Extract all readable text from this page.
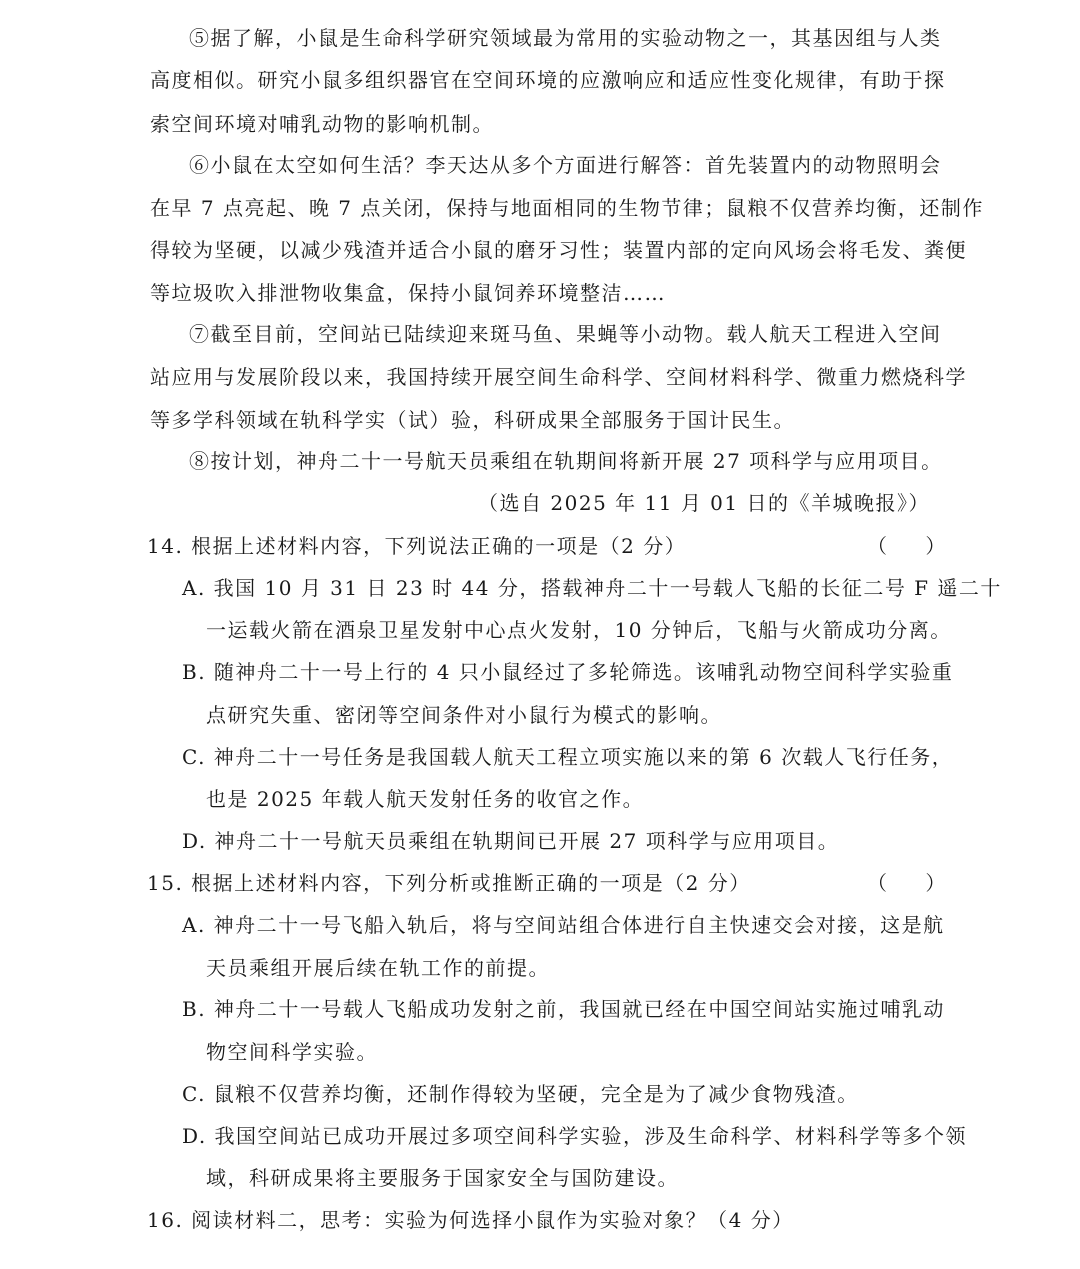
⑤据了解，小鼠是生命科学研究领域最为常用的实验动物之一，其基因组与人类
高度相似。研究小鼠多组织器官在空间环境的应激响应和适应性变化规律，有助于探
索空间环境对哺乳动物的影响机制。
⑥小鼠在太空如何生活？李天达从多个方面进行解答：首先装置内的动物照明会
在早 7 点亮起、晚 7 点关闭，保持与地面相同的生物节律；鼠粮不仅营养均衡，还制作
得较为坚硬，以减少残渣并适合小鼠的磨牙习性；装置内部的定向风场会将毛发、粪便
等垃圾吹入排泄物收集盒，保持小鼠饲养环境整洁……
⑦截至目前，空间站已陆续迎来斑马鱼、果蝇等小动物。载人航天工程进入空间
站应用与发展阶段以来，我国持续开展空间生命科学、空间材料科学、微重力燃烧科学
等多学科领域在轨科学实（试）验，科研成果全部服务于国计民生。
⑧按计划，神舟二十一号航天员乘组在轨期间将新开展 27 项科学与应用项目。
（选自 2025 年 11 月 01 日的《羊城晚报》）
14. 根据上述材料内容，下列说法正确的一项是（2 分）	（ ）
A. 我国 10 月 31 日 23 时 44 分，搭载神舟二十一号载人飞船的长征二号 F 遥二十
一运载火箭在酒泉卫星发射中心点火发射，10 分钟后，飞船与火箭成功分离。
B. 随神舟二十一号上行的 4 只小鼠经过了多轮筛选。该哺乳动物空间科学实验重
点研究失重、密闭等空间条件对小鼠行为模式的影响。
C. 神舟二十一号任务是我国载人航天工程立项实施以来的第 6 次载人飞行任务，
也是 2025 年载人航天发射任务的收官之作。
D. 神舟二十一号航天员乘组在轨期间已开展 27 项科学与应用项目。
15. 根据上述材料内容，下列分析或推断正确的一项是（2 分）	（ ）
A. 神舟二十一号飞船入轨后，将与空间站组合体进行自主快速交会对接，这是航
天员乘组开展后续在轨工作的前提。
B. 神舟二十一号载人飞船成功发射之前，我国就已经在中国空间站实施过哺乳动
物空间科学实验。
C. 鼠粮不仅营养均衡，还制作得较为坚硬，完全是为了减少食物残渣。
D. 我国空间站已成功开展过多项空间科学实验，涉及生命科学、材料科学等多个领
域，科研成果将主要服务于国家安全与国防建设。
16. 阅读材料二，思考：实验为何选择小鼠作为实验对象？（4 分）
